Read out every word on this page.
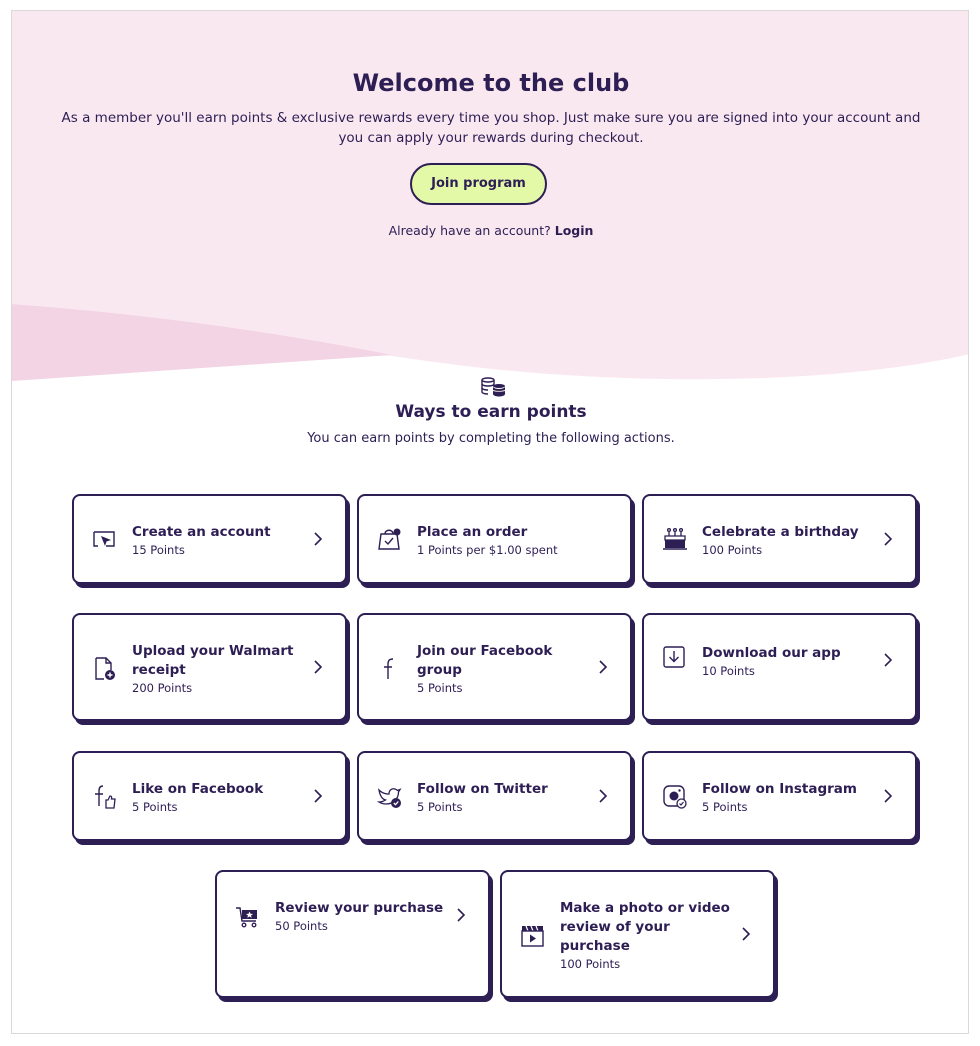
Welcome to the club

As a member you'll earn points & exclusive rewards every time you shop. Just make sure you are signed into your account and you can apply your rewards during checkout.

Join program
Already have an account? Login
Ways to earn points

You can earn points by completing the following actions.

Create an account
15 Points
Place an order
1 Points per $1.00 spent
Celebrate a birthday
100 Points
Upload your Walmart receipt
200 Points
Join our Facebook group
5 Points
Download our app
10 Points
Like on Facebook
5 Points
Follow on Twitter
5 Points
Follow on Instagram
5 Points
Review your purchase
50 Points
Make a photo or video review of your purchase
100 Points
